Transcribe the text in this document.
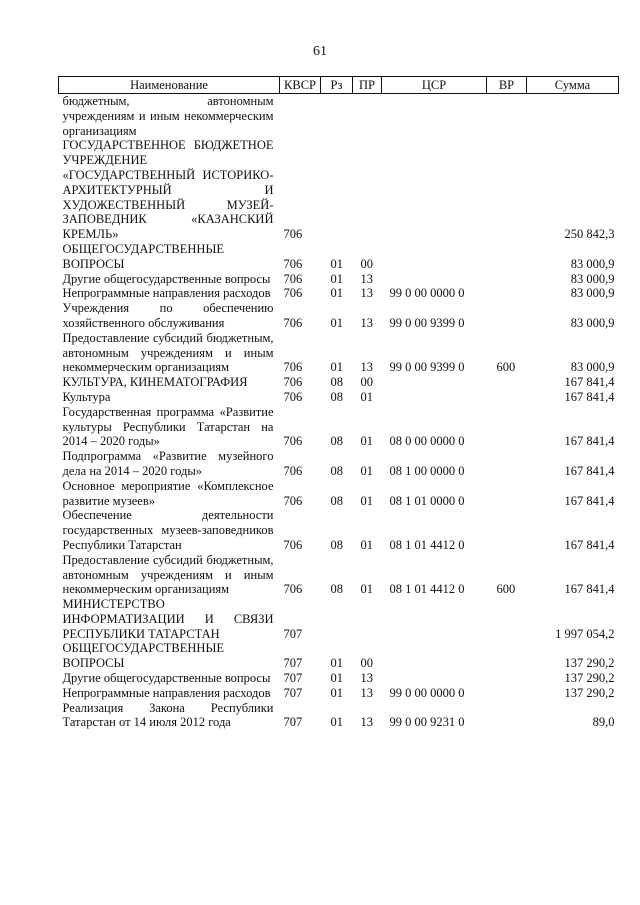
61
Наименование	КВСР	Рз	ПР	ЦСР	ВР	Сумма
бюджетным, автономным учреждениям и иным некоммерческим организациям						
ГОСУДАРСТВЕННОЕ БЮДЖЕТНОЕ УЧРЕЖДЕНИЕ «ГОСУДАРСТВЕННЫЙ ИСТОРИКО-АРХИТЕКТУРНЫЙ И ХУДОЖЕСТВЕННЫЙ МУЗЕЙ-ЗАПОВЕДНИК «КАЗАНСКИЙ КРЕМЛЬ»	706					250 842,3
ОБЩЕГОСУДАРСТВЕННЫЕ ВОПРОСЫ	706	01	00			83 000,9
Другие общегосударственные вопросы	706	01	13			83 000,9
Непрограммные направления расходов	706	01	13	99 0 00 0000 0		83 000,9
Учреждения по обеспечению хозяйственного обслуживания	706	01	13	99 0 00 9399 0		83 000,9
Предоставление субсидий бюджетным, автономным учреждениям и иным некоммерческим организациям	706	01	13	99 0 00 9399 0	600	83 000,9
КУЛЬТУРА, КИНЕМАТОГРАФИЯ	706	08	00			167 841,4
Культура	706	08	01			167 841,4
Государственная программа «Развитие культуры Республики Татарстан на 2014 – 2020 годы»	706	08	01	08 0 00 0000 0		167 841,4
Подпрограмма «Развитие музейного дела на 2014 – 2020 годы»	706	08	01	08 1 00 0000 0		167 841,4
Основное мероприятие «Комплексное развитие музеев»	706	08	01	08 1 01 0000 0		167 841,4
Обеспечение деятельности государственных музеев-заповедников Республики Татарстан	706	08	01	08 1 01 4412 0		167 841,4
Предоставление субсидий бюджетным, автономным учреждениям и иным некоммерческим организациям	706	08	01	08 1 01 4412 0	600	167 841,4
МИНИСТЕРСТВО ИНФОРМАТИЗАЦИИ И СВЯЗИ РЕСПУБЛИКИ ТАТАРСТАН	707					1 997 054,2
ОБЩЕГОСУДАРСТВЕННЫЕ ВОПРОСЫ	707	01	00			137 290,2
Другие общегосударственные вопросы	707	01	13			137 290,2
Непрограммные направления расходов	707	01	13	99 0 00 0000 0		137 290,2
Реализация Закона Республики Татарстан от 14 июля 2012 года	707	01	13	99 0 00 9231 0		89,0
